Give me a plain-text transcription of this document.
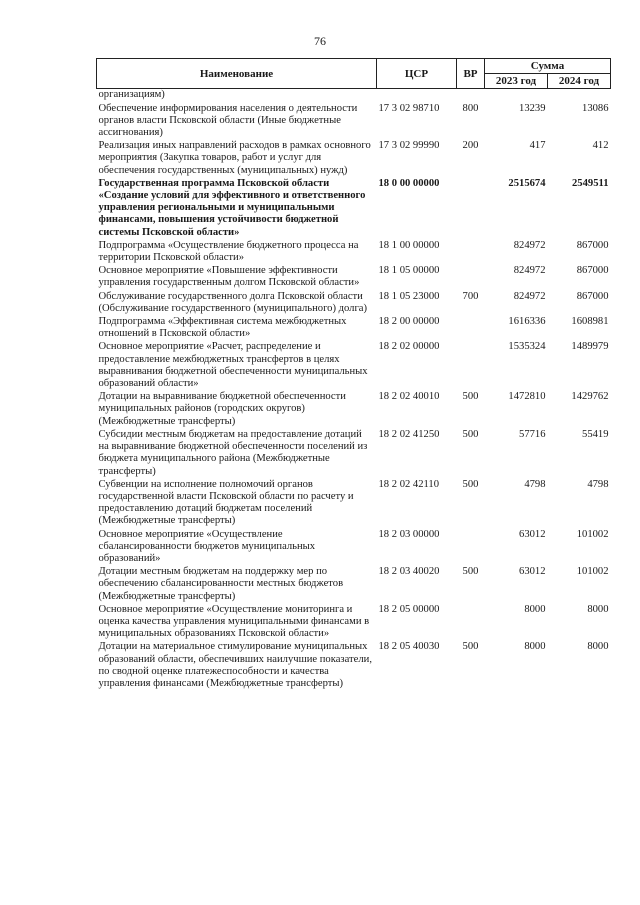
76
Наименование	ЦСР	ВР	Сумма	
			2023 год	2024 год
организациям)				
Обеспечение информирования населения о деятельности органов власти Псковской области (Иные бюджетные ассигнования)	17 3 02 98710	800	13239	13086
Реализация иных направлений расходов в рамках основного мероприятия (Закупка товаров, работ и услуг для обеспечения государственных (муниципальных) нужд)	17 3 02 99990	200	417	412
Государственная программа Псковской области «Создание условий для эффективного и ответственного управления региональными и муниципальными финансами, повышения устойчивости бюджетной системы Псковской области»	18 0 00 00000		2515674	2549511
Подпрограмма «Осуществление бюджетного процесса на территории Псковской области»	18 1 00 00000		824972	867000
Основное мероприятие «Повышение эффективности управления государственным долгом Псковской области»	18 1 05 00000		824972	867000
Обслуживание государственного долга Псковской области (Обслуживание государственного (муниципального) долга)	18 1 05 23000	700	824972	867000
Подпрограмма «Эффективная система межбюджетных отношений в Псковской области»	18 2 00 00000		1616336	1608981
Основное мероприятие «Расчет, распределение и предоставление межбюджетных трансфертов в целях выравнивания бюджетной обеспеченности муниципальных образований области»	18 2 02 00000		1535324	1489979
Дотации на выравнивание бюджетной обеспеченности муниципальных районов (городских округов) (Межбюджетные трансферты)	18 2 02 40010	500	1472810	1429762
Субсидии местным бюджетам на предоставление дотаций на выравнивание бюджетной обеспеченности поселений из бюджета муниципального района (Межбюджетные трансферты)	18 2 02 41250	500	57716	55419
Субвенции на исполнение полномочий органов государственной власти Псковской области по расчету и предоставлению дотаций бюджетам поселений (Межбюджетные трансферты)	18 2 02 42110	500	4798	4798
Основное мероприятие «Осуществление сбалансированности бюджетов муниципальных образований»	18 2 03 00000		63012	101002
Дотации местным бюджетам на поддержку мер по обеспечению сбалансированности местных бюджетов (Межбюджетные трансферты)	18 2 03 40020	500	63012	101002
Основное мероприятие «Осуществление мониторинга и оценка качества управления муниципальными финансами в муниципальных образованиях Псковской области»	18 2 05 00000		8000	8000
Дотации на материальное стимулирование муниципальных образований области, обеспечивших наилучшие показатели, по сводной оценке платежеспособности и качества управления финансами (Межбюджетные трансферты)	18 2 05 40030	500	8000	8000
